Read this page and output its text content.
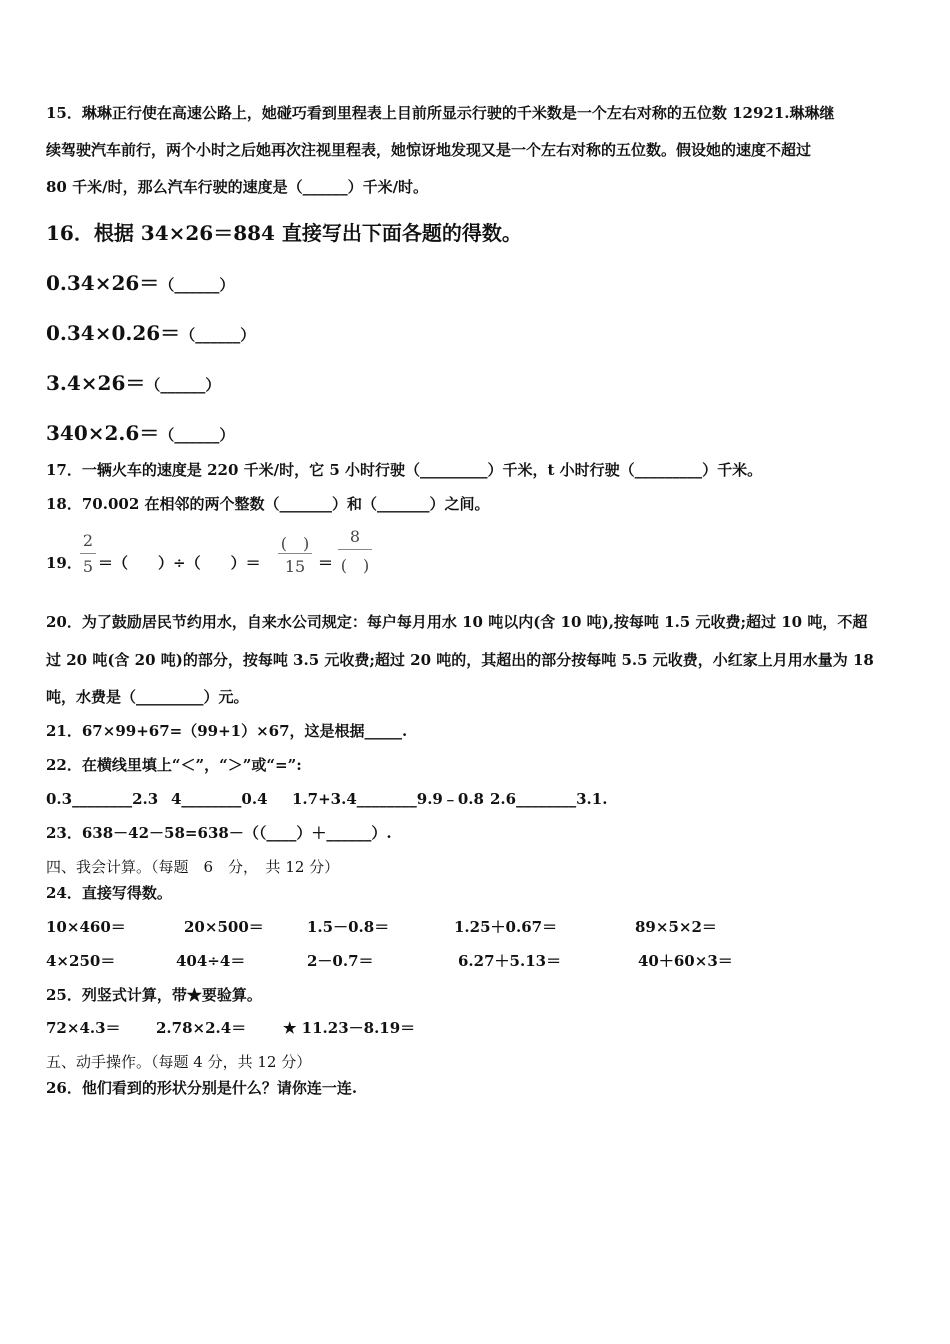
15．琳琳正行使在高速公路上，她碰巧看到里程表上目前所显示行驶的千米数是一个左右对称的五位数 12921.琳琳继
续驾驶汽车前行，两个小时之后她再次注视里程表，她惊讶地发现又是一个左右对称的五位数。假设她的速度不超过
80 千米/时，那么汽车行驶的速度是（______）千米/时。
16．根据 34×26＝884 直接写出下面各题的得数。
0.34×26＝（______）
0.34×0.26＝（______）
3.4×26＝（______）
340×2.6＝（______）
17．一辆火车的速度是 220 千米/时，它 5 小时行驶（_________）千米，t 小时行驶（_________）千米。
18．70.002 在相邻的两个整数（_______）和（_______）之间。
19．
2
5 ＝（　　）÷（　　）＝
(　)
15 ＝
8
(　)
20．为了鼓励居民节约用水，自来水公司规定：每户每月用水 10 吨以内(含 10 吨),按每吨 1.5 元收费;超过 10 吨，不超
过 20 吨(含 20 吨)的部分，按每吨 3.5 元收费;超过 20 吨的，其超出的部分按每吨 5.5 元收费，小红家上月用水量为 18
吨，水费是（_________）元。
21．67×99+67=（99+1）×67，这是根据_____.
22．在横线里填上“＜”，“＞”或“=”:
0.3________2.3 4________0.4 1.7+3.4________9.9﹣0.8 2.6________3.1.
23．638－42－58=638－（（____）＋______）.
四、我会计算。（每题　6　分，　共 12 分）
24．直接写得数。
10×460＝	20×500＝	1.5－0.8＝	1.25＋0.67＝	89×5×2＝
4×250＝	404÷4＝	2－0.7＝	6.27＋5.13＝	40＋60×3＝
25．列竖式计算，带★要验算。
72×4.3＝ 2.78×2.4＝ ★ 11.23－8.19＝
五、动手操作。（每题 4 分，共 12 分）
26．他们看到的形状分别是什么？请你连一连.
